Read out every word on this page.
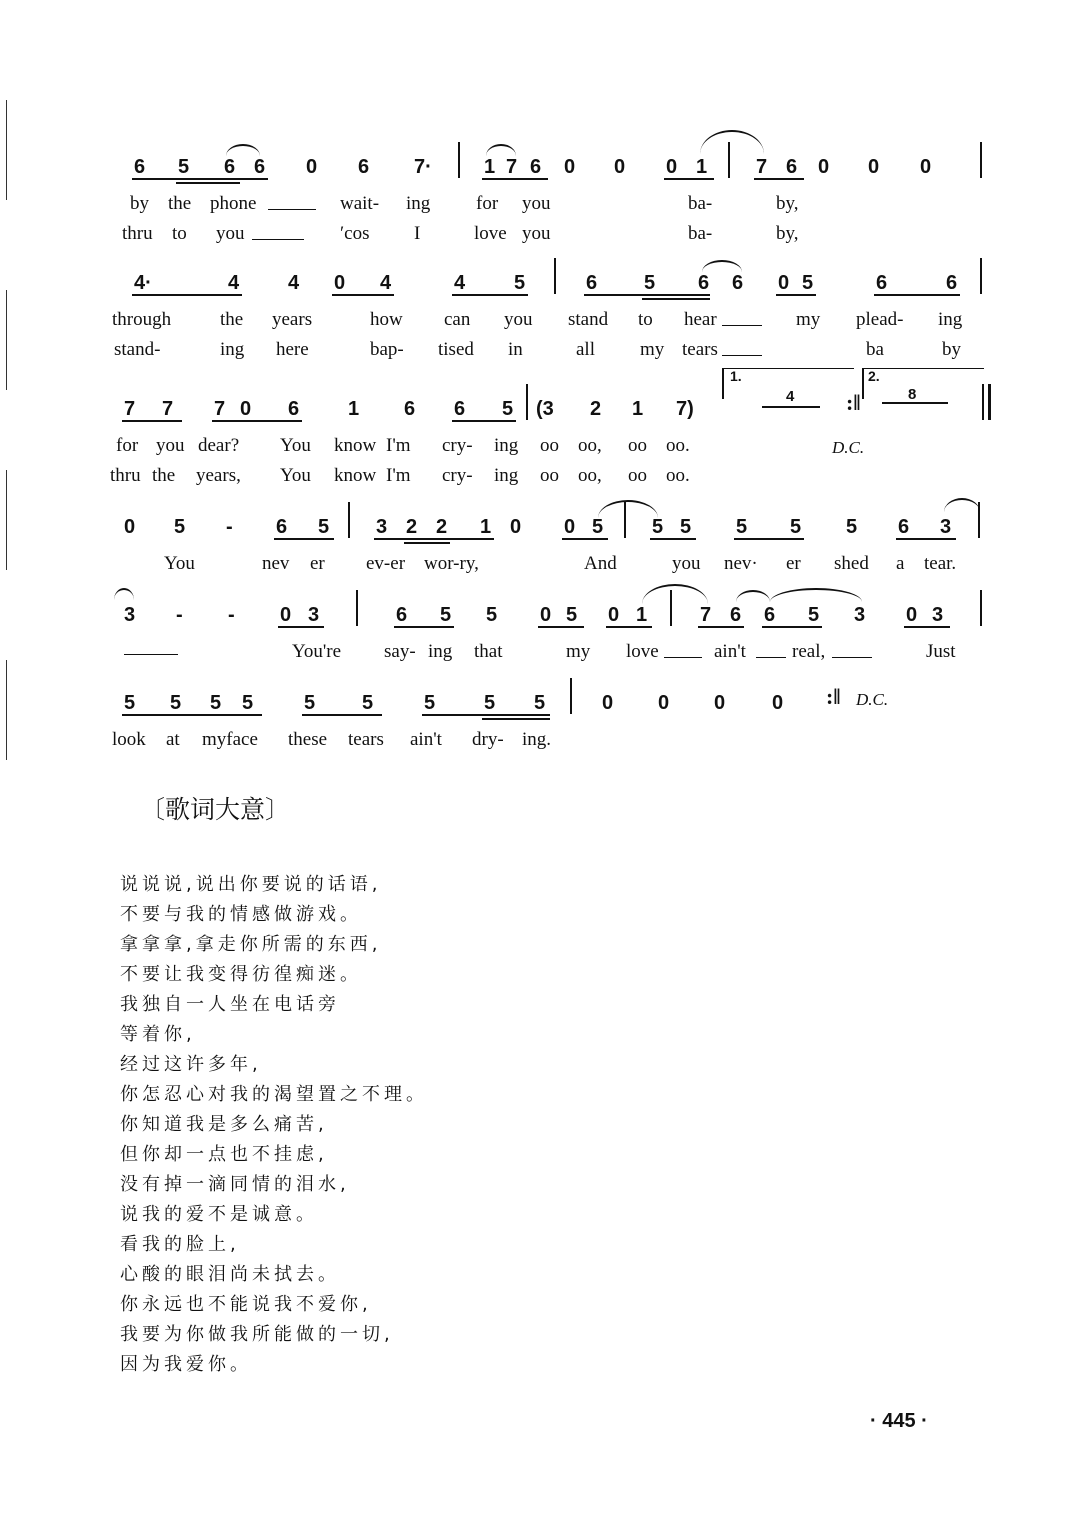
6 5 6 6 0 6 7·	1 7 6 0 0 0 1 7 6 0 0 0
by the phone	wait- ing for you	ba-	by,
thru to you	′cos I	love you	ba-	by,
4·	4 4 0 4	4 5	6 5 6 6 0 5	6	6
through	the years	how can you stand to hear	my plead- ing
stand-	ing here	bap- tised in	all my tears	ba	by
7 7 7 0 6 1 6 6 5 (3 2 1 7)
1.
4 :‖
2.
8
for you dear? You know I'm cry- ing oo oo, oo oo.	D.C.
thru the years, You know I'm cry- ing oo oo, oo oo.
0 5 - 6 5 3 2 2 1 0 0 5 5 5 5 5 5 6 3
You	nev er ev-er wor-ry,	And	you nev· er shed a tear.
3 - - 0 3	6 5 5 0 5 0 1	7 6 6 5 3 0 3
You're say- ing that	my love	ain't real,	Just
5 5 5 5	5 5	5 5 5	0 0 0 0 :‖ D.C.
look at myface these tears ain't dry- ing.
〔歌词大意〕
说说说,说出你要说的话语,
不要与我的情感做游戏。
拿拿拿,拿走你所需的东西,
不要让我变得彷徨痴迷。
我独自一人坐在电话旁
等着你,
经过这许多年,
你怎忍心对我的渴望置之不理。
你知道我是多么痛苦,
但你却一点也不挂虑,
没有掉一滴同情的泪水,
说我的爱不是诚意。
看我的脸上,
心酸的眼泪尚未拭去。
你永远也不能说我不爱你,
我要为你做我所能做的一切,
因为我爱你。
· 445 ·
